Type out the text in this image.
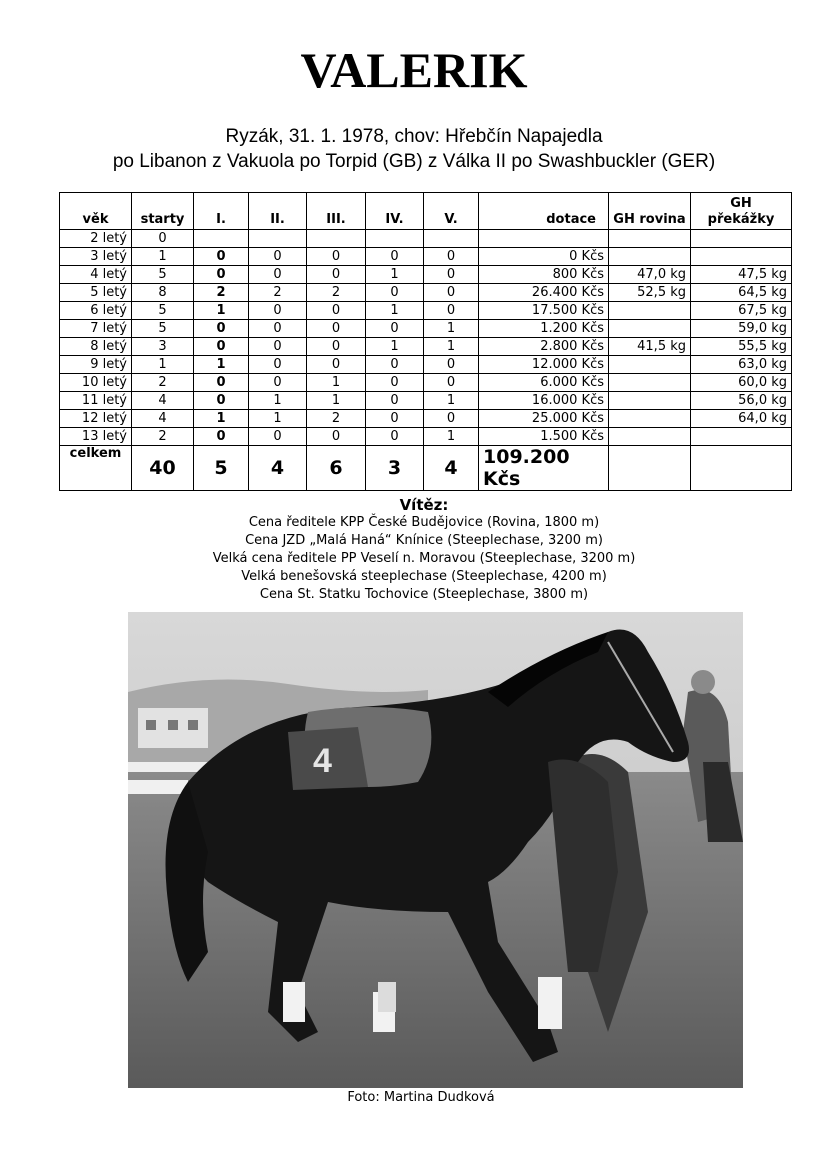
VALERIK
Ryzák, 31. 1. 1978, chov: Hřebčín Napajedla
po Libanon z Vakuola po Torpid (GB) z Válka II po Swashbuckler (GER)
věk	starty	I.	II.	III.	IV.	V.	dotace	GH rovina	GH překážky
2 letý	0								
3 letý	1	0	0	0	0	0	0 Kčs		
4 letý	5	0	0	0	1	0	800 Kčs	47,0 kg	47,5 kg
5 letý	8	2	2	2	0	0	26.400 Kčs	52,5 kg	64,5 kg
6 letý	5	1	0	0	1	0	17.500 Kčs		67,5 kg
7 letý	5	0	0	0	0	1	1.200 Kčs		59,0 kg
8 letý	3	0	0	0	1	1	2.800 Kčs	41,5 kg	55,5 kg
9 letý	1	1	0	0	0	0	12.000 Kčs		63,0 kg
10 letý	2	0	0	1	0	0	6.000 Kčs		60,0 kg
11 letý	4	0	1	1	0	1	16.000 Kčs		56,0 kg
12 letý	4	1	1	2	0	0	25.000 Kčs		64,0 kg
13 letý	2	0	0	0	0	1	1.500 Kčs		
celkem	40	5	4	6	3	4	109.200 Kčs		
Vítěz:
Cena ředitele KPP České Budějovice (Rovina, 1800 m)
Cena JZD „Malá Haná“ Knínice (Steeplechase, 3200 m)
Velká cena ředitele PP Veselí n. Moravou (Steeplechase, 3200 m)
Velká benešovská steeplechase (Steeplechase, 4200 m)
Cena St. Statku Tochovice (Steeplechase, 3800 m)
4
Foto: Martina Dudková
